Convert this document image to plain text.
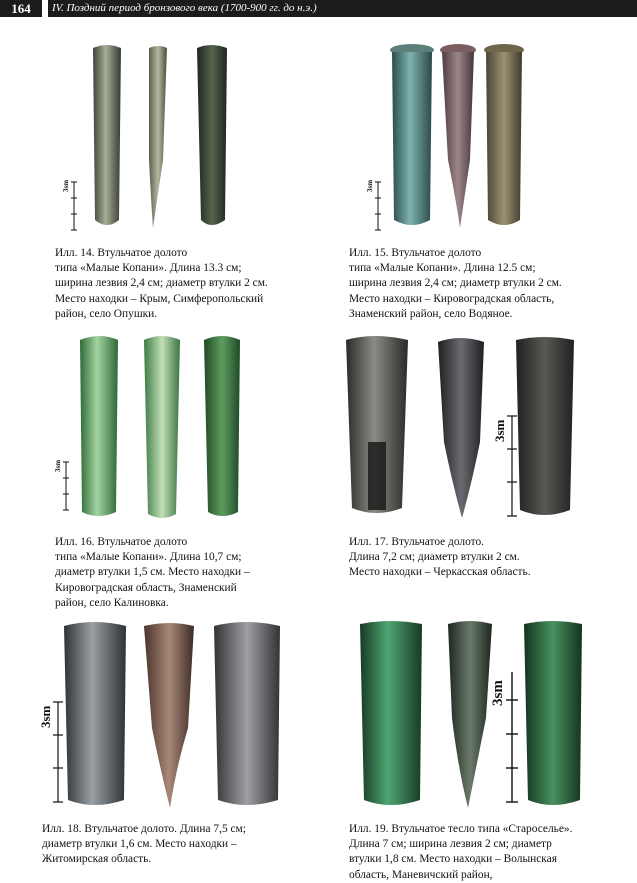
164	IV. Поздний период бронзового века (1700-900 гг. до н.э.)
3sm
Илл. 14. Втульчатое долото
типа «Малые Копани». Длина 13.3 см;
ширина лезвия 2,4 см; диаметр втулки 2 см.
Место находки – Крым, Симферопольский
район, село Опушки.
3sm
Илл. 15. Втульчатое долото
типа «Малые Копани». Длина 12.5 см;
ширина лезвия 2,4 см; диаметр втулки 2 см.
Место находки – Кировоградская область,
Знаменский район, село Водяное.
3sm
Илл. 16. Втульчатое долото
типа «Малые Копани». Длина 10,7 см;
диаметр втулки 1,5 см. Место находки –
Кировоградская область, Знаменский
район, село Калиновка.
3sm
Илл. 17. Втульчатое долото.
Длина 7,2 см; диаметр втулки 2 см.
Место находки – Черкасская область.
3sm
Илл. 18. Втульчатое долото. Длина 7,5 см;
диаметр втулки 1,6 см. Место находки –
Житомирская область.
3sm
Илл. 19. Втульчатое тесло типа «Староселье».
Длина 7 см; ширина лезвия 2 см; диаметр
втулки 1,8 см. Место находки – Волынская
область, Маневичский район,
